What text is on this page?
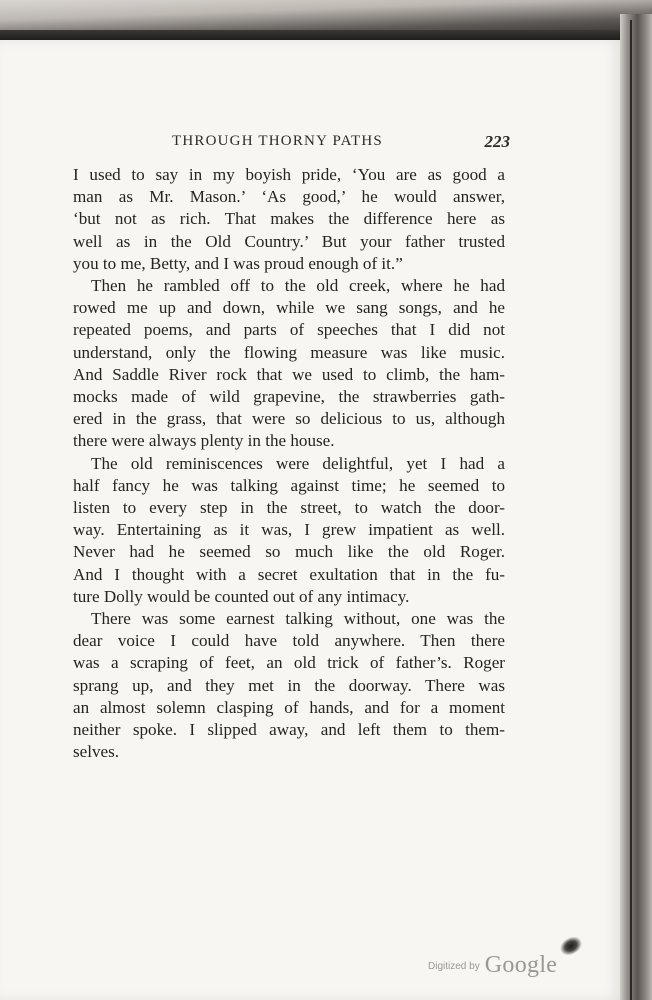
THROUGH THORNY PATHS	223
I used to say in my boyish pride, ‘You are as good a
man as Mr. Mason.’ ‘As good,’ he would answer,
‘but not as rich. That makes the difference here as
well as in the Old Country.’ But your father trusted
you to me, Betty, and I was proud enough of it.”
Then he rambled off to the old creek, where he had
rowed me up and down, while we sang songs, and he
repeated poems, and parts of speeches that I did not
understand, only the flowing measure was like music.
And Saddle River rock that we used to climb, the ham-
mocks made of wild grapevine, the strawberries gath-
ered in the grass, that were so delicious to us, although
there were always plenty in the house.
The old reminiscences were delightful, yet I had a
half fancy he was talking against time; he seemed to
listen to every step in the street, to watch the door-
way. Entertaining as it was, I grew impatient as well.
Never had he seemed so much like the old Roger.
And I thought with a secret exultation that in the fu-
ture Dolly would be counted out of any intimacy.
There was some earnest talking without, one was the
dear voice I could have told anywhere. Then there
was a scraping of feet, an old trick of father’s. Roger
sprang up, and they met in the doorway. There was
an almost solemn clasping of hands, and for a moment
neither spoke. I slipped away, and left them to them-
selves.
Digitized by Google
